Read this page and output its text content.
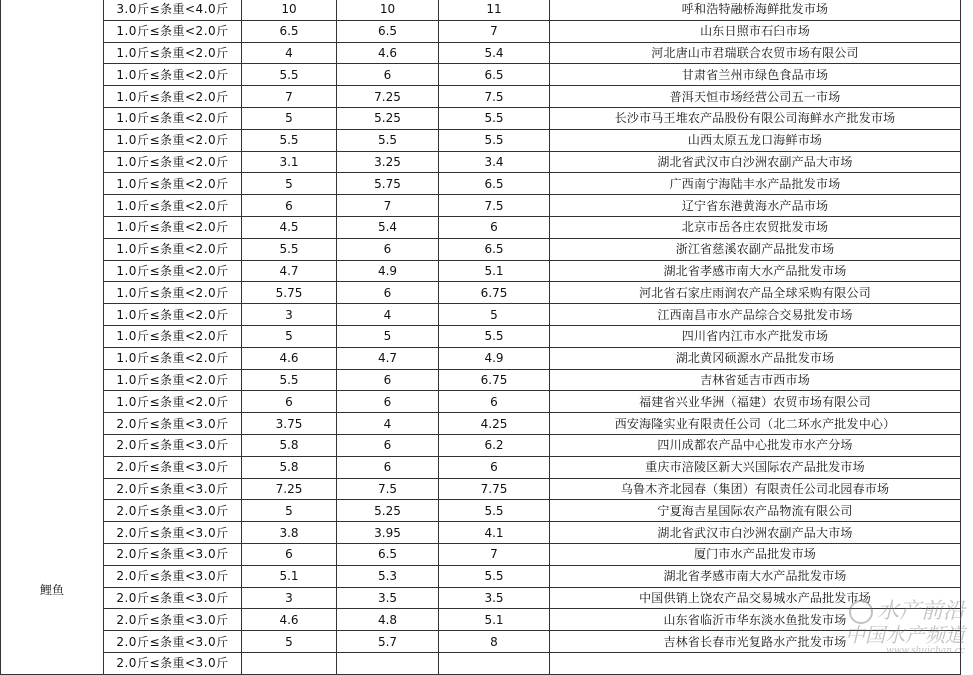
鲤鱼	3.0斤≤条重<4.0斤	10	10	11	呼和浩特融桥海鲜批发市场
	1.0斤≤条重<2.0斤	6.5	6.5	7	山东日照市石臼市场
	1.0斤≤条重<2.0斤	4	4.6	5.4	河北唐山市君瑞联合农贸市场有限公司
	1.0斤≤条重<2.0斤	5.5	6	6.5	甘肃省兰州市绿色食品市场
	1.0斤≤条重<2.0斤	7	7.25	7.5	普洱天恒市场经营公司五一市场
	1.0斤≤条重<2.0斤	5	5.25	5.5	长沙市马王堆农产品股份有限公司海鲜水产批发市场
	1.0斤≤条重<2.0斤	5.5	5.5	5.5	山西太原五龙口海鲜市场
	1.0斤≤条重<2.0斤	3.1	3.25	3.4	湖北省武汉市白沙洲农副产品大市场
	1.0斤≤条重<2.0斤	5	5.75	6.5	广西南宁海陆丰水产品批发市场
	1.0斤≤条重<2.0斤	6	7	7.5	辽宁省东港黄海水产品市场
	1.0斤≤条重<2.0斤	4.5	5.4	6	北京市岳各庄农贸批发市场
	1.0斤≤条重<2.0斤	5.5	6	6.5	浙江省慈溪农副产品批发市场
	1.0斤≤条重<2.0斤	4.7	4.9	5.1	湖北省孝感市南大水产品批发市场
	1.0斤≤条重<2.0斤	5.75	6	6.75	河北省石家庄雨润农产品全球采购有限公司
	1.0斤≤条重<2.0斤	3	4	5	江西南昌市水产品综合交易批发市场
	1.0斤≤条重<2.0斤	5	5	5.5	四川省内江市水产批发市场
	1.0斤≤条重<2.0斤	4.6	4.7	4.9	湖北黄冈硕源水产品批发市场
	1.0斤≤条重<2.0斤	5.5	6	6.75	吉林省延吉市西市场
	1.0斤≤条重<2.0斤	6	6	6	福建省兴业华洲（福建）农贸市场有限公司
	2.0斤≤条重<3.0斤	3.75	4	4.25	西安海隆实业有限责任公司（北二环水产批发中心）
	2.0斤≤条重<3.0斤	5.8	6	6.2	四川成都农产品中心批发市水产分场
	2.0斤≤条重<3.0斤	5.8	6	6	重庆市涪陵区新大兴国际农产品批发市场
	2.0斤≤条重<3.0斤	7.25	7.5	7.75	乌鲁木齐北园春（集团）有限责任公司北园春市场
	2.0斤≤条重<3.0斤	5	5.25	5.5	宁夏海吉星国际农产品物流有限公司
	2.0斤≤条重<3.0斤	3.8	3.95	4.1	湖北省武汉市白沙洲农副产品大市场
	2.0斤≤条重<3.0斤	6	6.5	7	厦门市水产品批发市场
	2.0斤≤条重<3.0斤	5.1	5.3	5.5	湖北省孝感市南大水产品批发市场
	2.0斤≤条重<3.0斤	3	3.5	3.5	中国供销上饶农产品交易城水产品批发市场
	2.0斤≤条重<3.0斤	4.6	4.8	5.1	山东省临沂市华东淡水鱼批发市场
	2.0斤≤条重<3.0斤	5	5.7	8	吉林省长春市光复路水产批发市场
	2.0斤≤条重<3.0斤				
水产前沿
中国水产频道
www.shuichan.cc
